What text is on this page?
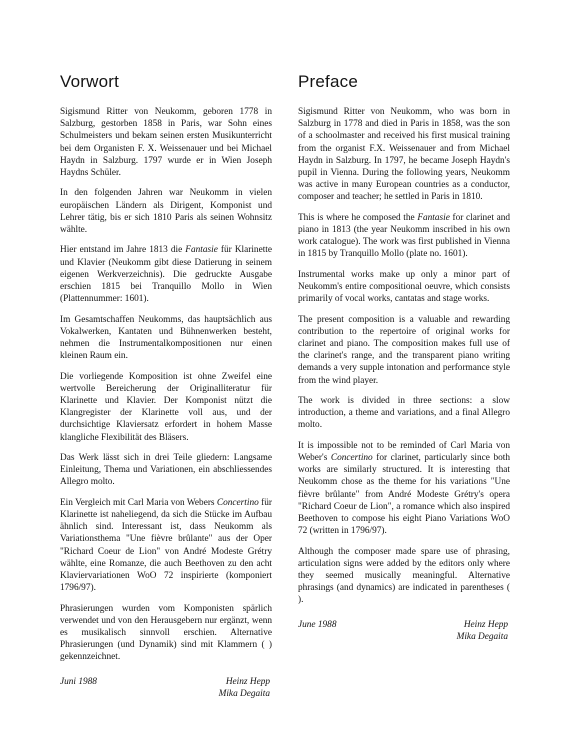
Vorwort

Sigismund Ritter von Neukomm, geboren 1778 in Salzburg, gestorben 1858 in Paris, war Sohn eines Schulmeisters und bekam seinen ersten Musikunterricht bei dem Organisten F. X. Weissenauer und bei Michael Haydn in Salzburg. 1797 wurde er in Wien Joseph Haydns Schüler.

In den folgenden Jahren war Neukomm in vielen europäischen Ländern als Dirigent, Komponist und Lehrer tätig, bis er sich 1810 Paris als seinen Wohnsitz wählte.

Hier entstand im Jahre 1813 die Fantasie für Klarinette und Klavier (Neukomm gibt diese Datierung in seinem eigenen Werkverzeichnis). Die gedruckte Ausgabe erschien 1815 bei Tranquillo Mollo in Wien (Plattennummer: 1601).

Im Gesamtschaffen Neukomms, das hauptsächlich aus Vokalwerken, Kantaten und Bühnenwerken besteht, nehmen die Instrumentalkompositionen nur einen kleinen Raum ein.

Die vorliegende Komposition ist ohne Zweifel eine wertvolle Bereicherung der Originalliteratur für Klarinette und Klavier. Der Komponist nützt die Klangregister der Klarinette voll aus, und der durchsichtige Klaviersatz erfordert in hohem Masse klangliche Flexibilität des Bläsers.

Das Werk lässt sich in drei Teile gliedern: Langsame Einleitung, Thema und Variationen, ein abschliessendes Allegro molto.

Ein Vergleich mit Carl Maria von Webers Concertino für Klarinette ist naheliegend, da sich die Stücke im Aufbau ähnlich sind. Interessant ist, dass Neukomm als Variationsthema "Une fièvre brûlante" aus der Oper "Richard Coeur de Lion" von André Modeste Grétry wählte, eine Romanze, die auch Beethoven zu den acht Klaviervariationen WoO 72 inspirierte (komponiert 1796/97).

Phrasierungen wurden vom Komponisten spärlich verwendet und von den Herausgebern nur ergänzt, wenn es musikalisch sinnvoll erschien. Alternative Phrasierungen (und Dynamik) sind mit Klammern ( ) gekennzeichnet.

Juni 1988	Heinz Hepp
Mika Degaita
Preface

Sigismund Ritter von Neukomm, who was born in Salzburg in 1778 and died in Paris in 1858, was the son of a schoolmaster and received his first musical training from the organist F.X. Weissenauer and from Michael Haydn in Salzburg. In 1797, he became Joseph Haydn's pupil in Vienna. During the following years, Neukomm was active in many European countries as a conductor, composer and teacher; he settled in Paris in 1810.

This is where he composed the Fantasie for clarinet and piano in 1813 (the year Neukomm inscribed in his own work catalogue). The work was first published in Vienna in 1815 by Tranquillo Mollo (plate no. 1601).

Instrumental works make up only a minor part of Neukomm's entire compositional oeuvre, which consists primarily of vocal works, cantatas and stage works.

The present composition is a valuable and rewarding contribution to the repertoire of original works for clarinet and piano. The composition makes full use of the clarinet's range, and the transparent piano writing demands a very supple intonation and performance style from the wind player.

The work is divided in three sections: a slow introduction, a theme and variations, and a final Allegro molto.

It is impossible not to be reminded of Carl Maria von Weber's Concertino for clarinet, particularly since both works are similarly structured. It is interesting that Neukomm chose as the theme for his variations "Une fièvre brûlante" from André Modeste Grétry's opera "Richard Coeur de Lion", a romance which also inspired Beethoven to compose his eight Piano Variations WoO 72 (written in 1796/97).

Although the composer made spare use of phrasing, articulation signs were added by the editors only where they seemed musically meaningful. Alternative phrasings (and dynamics) are indicated in parentheses ( ).

June 1988	Heinz Hepp
Mika Degaita
